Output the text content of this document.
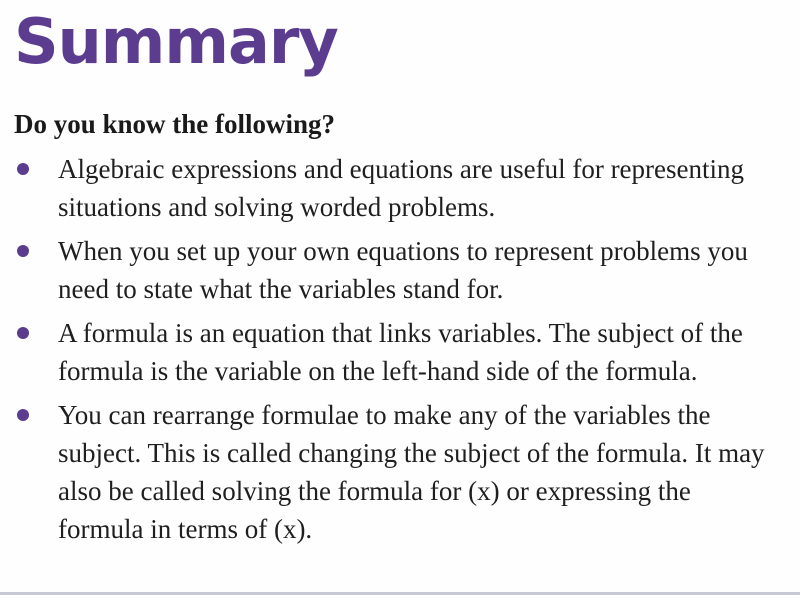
Summary
Do you know the following?
Algebraic expressions and equations are useful for representing situations and solving worded problems.
When you set up your own equations to represent problems you need to state what the variables stand for.
A formula is an equation that links variables. The subject of the formula is the variable on the left-hand side of the formula.
You can rearrange formulae to make any of the variables the subject. This is called changing the subject of the formula. It may also be called solving the formula for (x) or expressing the formula in terms of (x).
